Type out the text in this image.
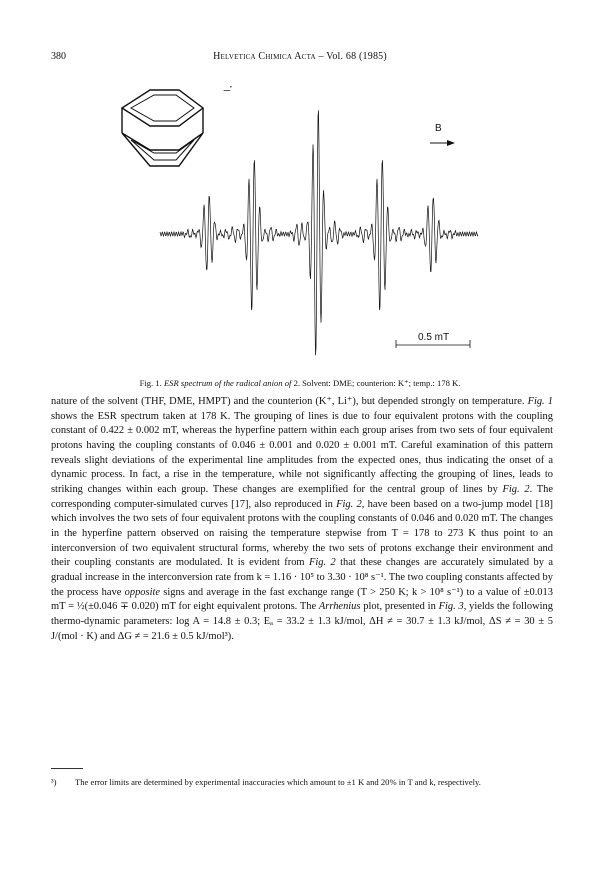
380	Helvetica Chimica Acta – Vol. 68 (1985)
−̇
B
0.5 mT
Fig. 1. ESR spectrum of the radical anion of 2. Solvent: DME; counterion: K⁺; temp.: 178 K.

nature of the solvent (THF, DME, HMPT) and the counterion (K⁺, Li⁺), but depended strongly on temperature. Fig. 1 shows the ESR spectrum taken at 178 K. The grouping of lines is due to four equivalent protons with the coupling constant of 0.422 ± 0.002 mT, whereas the hyperfine pattern within each group arises from two sets of four equivalent protons having the coupling constants of 0.046 ± 0.001 and 0.020 ± 0.001 mT. Careful examination of this pattern reveals slight deviations of the experimental line amplitudes from the expected ones, thus indicating the onset of a dynamic process. In fact, a rise in the temperature, while not significantly affecting the grouping of lines, leads to striking changes within each group. These changes are exemplified for the central group of lines by Fig. 2. The corresponding computer-simulated curves [17], also reproduced in Fig. 2, have been based on a two-jump model [18] which involves the two sets of four equivalent protons with the coupling constants of 0.046 and 0.020 mT. The changes in the hyperfine pattern observed on raising the temperature stepwise from T = 178 to 273 K thus point to an interconversion of two equivalent structural forms, whereby the two sets of protons exchange their environment and their coupling constants are modulated. It is evident from Fig. 2 that these changes are accurately simulated by a gradual increase in the interconversion rate from k = 1.16 · 10⁵ to 3.30 · 10⁸ s⁻¹. The two coupling constants affected by the process have opposite signs and average in the fast exchange range (T > 250 K; k > 10⁸ s⁻¹) to a value of ±0.013 mT = ½(±0.046 ∓ 0.020) mT for eight equivalent protons. The Arrhenius plot, presented in Fig. 3, yields the following thermo-dynamic parameters: log A = 14.8 ± 0.3; Eₐ = 33.2 ± 1.3 kJ/mol, ΔH ≠ = 30.7 ± 1.3 kJ/mol, ΔS ≠ = 30 ± 5 J/(mol · K) and ΔG ≠ = 21.6 ± 0.5 kJ/mol³).

³) The error limits are determined by experimental inaccuracies which amount to ±1 K and 20% in T and k, respectively.
